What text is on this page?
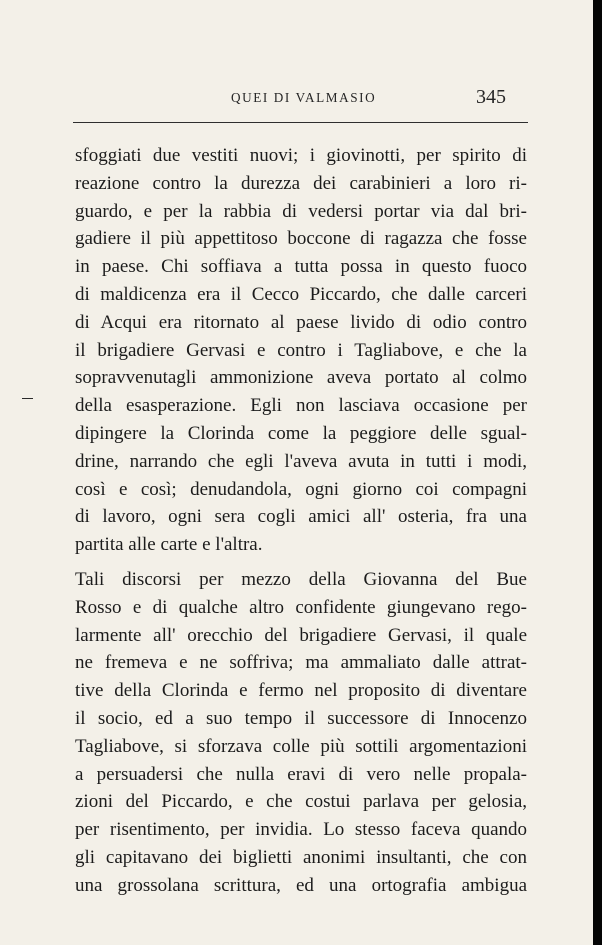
QUEI DI VALMASIO	345
sfoggiati due vestiti nuovi; i giovinotti, per spirito di
reazione contro la durezza dei carabinieri a loro ri-
guardo, e per la rabbia di vedersi portar via dal bri-
gadiere il più appettitoso boccone di ragazza che fosse
in paese. Chi soffiava a tutta possa in questo fuoco
di maldicenza era il Cecco Piccardo, che dalle carceri
di Acqui era ritornato al paese livido di odio contro
il brigadiere Gervasi e contro i Tagliabove, e che la
sopravvenutagli ammonizione aveva portato al colmo
della esasperazione. Egli non lasciava occasione per
dipingere la Clorinda come la peggiore delle sgual-
drine, narrando che egli l'aveva avuta in tutti i modi,
così e così; denudandola, ogni giorno coi compagni
di lavoro, ogni sera cogli amici all' osteria, fra una
partita alle carte e l'altra.
Tali discorsi per mezzo della Giovanna del Bue
Rosso e di qualche altro confidente giungevano rego-
larmente all' orecchio del brigadiere Gervasi, il quale
ne fremeva e ne soffriva; ma ammaliato dalle attrat-
tive della Clorinda e fermo nel proposito di diventare
il socio, ed a suo tempo il successore di Innocenzo
Tagliabove, si sforzava colle più sottili argomentazioni
a persuadersi che nulla eravi di vero nelle propala-
zioni del Piccardo, e che costui parlava per gelosia,
per risentimento, per invidia. Lo stesso faceva quando
gli capitavano dei biglietti anonimi insultanti, che con
una grossolana scrittura, ed una ortografia ambigua
